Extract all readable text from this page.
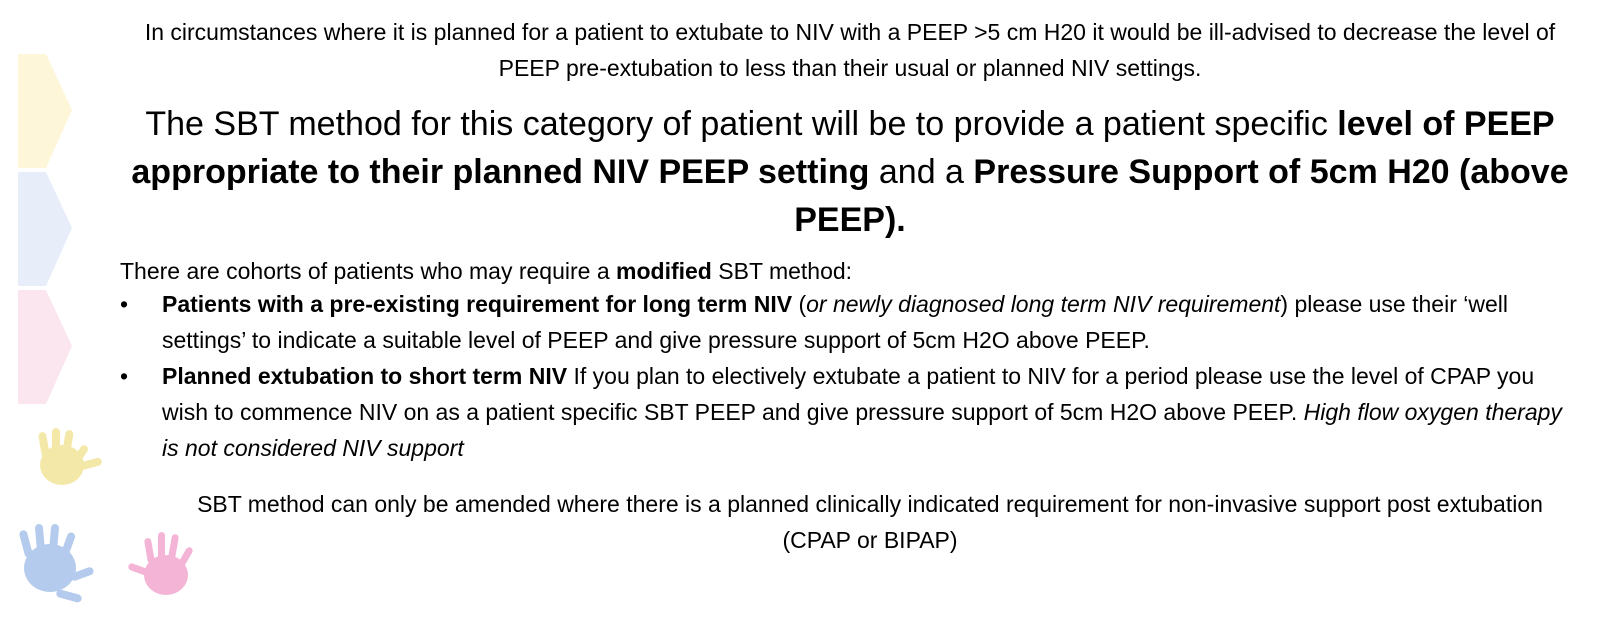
In circumstances where it is planned for a patient to extubate to NIV with a PEEP >5 cm H20 it would be ill-advised to decrease the level of PEEP pre-extubation to less than their usual or planned NIV settings.

The SBT method for this category of patient will be to provide a patient specific level of PEEP appropriate to their planned NIV PEEP setting and a Pressure Support of 5cm H20 (above PEEP).

There are cohorts of patients who may require a modified SBT method:

•	Patients with a pre-existing requirement for long term NIV (or newly diagnosed long term NIV requirement) please use their ‘well settings’ to indicate a suitable level of PEEP and give pressure support of 5cm H2O above PEEP.
•	Planned extubation to short term NIV If you plan to electively extubate a patient to NIV for a period please use the level of CPAP you wish to commence NIV on as a patient specific SBT PEEP and give pressure support of 5cm H2O above PEEP. High flow oxygen therapy is not considered NIV support

SBT method can only be amended where there is a planned clinically indicated requirement for non-invasive support post extubation (CPAP or BIPAP)
